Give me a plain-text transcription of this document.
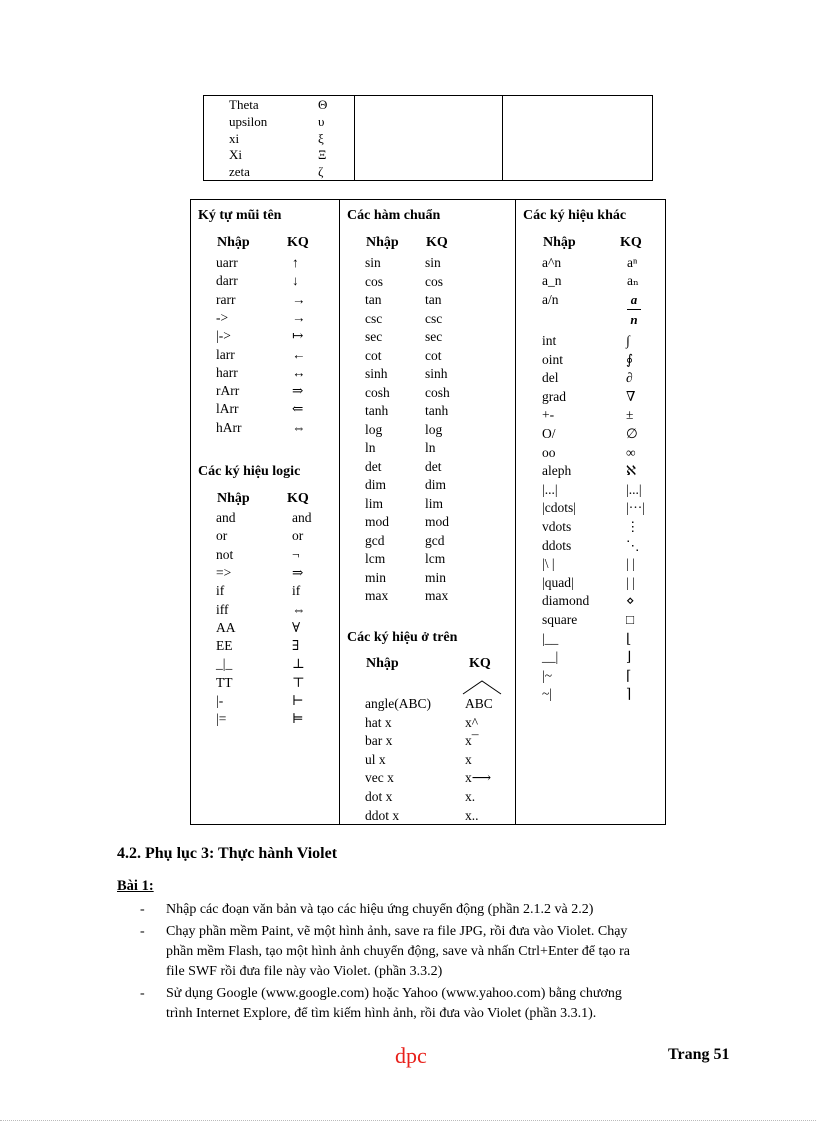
Theta	Θ
upsilon	υ
xi	ξ
Xi	Ξ
zeta	ζ
Ký tự mũi tên
Nhập	KQ
uarr	↑
darr	↓
rarr	→
->	→
|->	↦
larr	←
harr	↔
rArr	⇒
lArr	⇐
hArr	⇔
Các ký hiệu logic
Nhập	KQ
and	and
or	or
not	¬
=>	⇒
if	if
iff	⇔
AA	∀
EE	∃
_|_	⊥
TT	⊤
|-	⊢
|=	⊨
Các hàm chuẩn
Nhập KQ
sin	sin
cos	cos
tan	tan
csc	csc
sec	sec
cot	cot
sinh	sinh
cosh	cosh
tanh	tanh
log	log
ln	ln
det	det
dim	dim
lim	lim
mod	mod
gcd	gcd
lcm	lcm
min	min
max	max
Các ký hiệu ở trên
Nhập	KQ
angle(ABC)	ABC
hat x	x^
bar x	x¯
ul x	x
vec x	x⟶
dot x	x.
ddot x	x..
Các ký hiệu khác
Nhập	KQ
a^n	aⁿ
a_n	aₙ
a/n	a
n
int	∫
oint	∮
del	∂
grad	∇
+-	±
O/	∅
oo	∞
aleph	ℵ
|...|	|...|
|cdots|	|···|
vdots	⋮
ddots	⋱
|\ |	| |
|quad|	| |
diamond	⋄
square	□
|__	⌊
__|	⌋
|~	⌈
~|	⌉
4.2. Phụ lục 3: Thực hành Violet
Bài 1:
- Nhập các đoạn văn bản và tạo các hiệu ứng chuyển động (phần 2.1.2 và 2.2)
- Chạy phần mềm Paint, vẽ một hình ảnh, save ra file JPG, rồi đưa vào Violet. Chạy
phần mềm Flash, tạo một hình ảnh chuyển động, save và nhấn Ctrl+Enter để tạo ra
file SWF rồi đưa file này vào Violet. (phần 3.3.2)
- Sử dụng Google (www.google.com) hoặc Yahoo (www.yahoo.com) bằng chương
trình Internet Explore, để tìm kiếm hình ảnh, rồi đưa vào Violet (phần 3.3.1).
dpc	Trang 51
